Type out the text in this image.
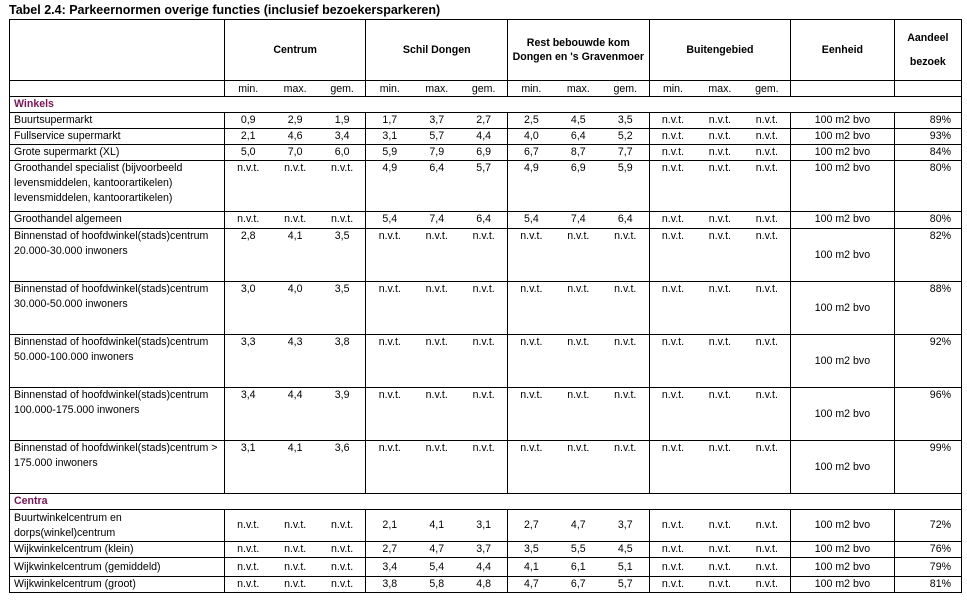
Tabel 2.4: Parkeernormen overige functies (inclusief bezoekersparkeren)
	Centrum			Schil Dongen			Rest bebouwde kom Dongen en 's Gravenmoer			Buitengebied			Eenheid	Aandeel
bezoek
	min.	max.	gem.	min.	max.	gem.	min.	max.	gem.	min.	max.	gem.		
Winkels														
Buurtsupermarkt	0,9	2,9	1,9	1,7	3,7	2,7	2,5	4,5	3,5	n.v.t.	n.v.t.	n.v.t.	100 m2 bvo	89%
Fullservice supermarkt	2,1	4,6	3,4	3,1	5,7	4,4	4,0	6,4	5,2	n.v.t.	n.v.t.	n.v.t.	100 m2 bvo	93%
Grote supermarkt (XL)	5,0	7,0	6,0	5,9	7,9	6,9	6,7	8,7	7,7	n.v.t.	n.v.t.	n.v.t.	100 m2 bvo	84%
Groothandel specialist (bijvoorbeeld levensmiddelen, kantoorartikelen) levensmiddelen, kantoorartikelen)	n.v.t.	n.v.t.	n.v.t.	4,9	6,4	5,7	4,9	6,9	5,9	n.v.t.	n.v.t.	n.v.t.	100 m2 bvo	80%
Groothandel algemeen	n.v.t.	n.v.t.	n.v.t.	5,4	7,4	6,4	5,4	7,4	6,4	n.v.t.	n.v.t.	n.v.t.	100 m2 bvo	80%
Binnenstad of hoofdwinkel(stads)centrum 20.000-30.000 inwoners	2,8	4,1	3,5	n.v.t.	n.v.t.	n.v.t.	n.v.t.	n.v.t.	n.v.t.	n.v.t.	n.v.t.	n.v.t.	100 m2 bvo	82%
Binnenstad of hoofdwinkel(stads)centrum 30.000-50.000 inwoners	3,0	4,0	3,5	n.v.t.	n.v.t.	n.v.t.	n.v.t.	n.v.t.	n.v.t.	n.v.t.	n.v.t.	n.v.t.	100 m2 bvo	88%
Binnenstad of hoofdwinkel(stads)centrum 50.000-100.000 inwoners	3,3	4,3	3,8	n.v.t.	n.v.t.	n.v.t.	n.v.t.	n.v.t.	n.v.t.	n.v.t.	n.v.t.	n.v.t.	100 m2 bvo	92%
Binnenstad of hoofdwinkel(stads)centrum 100.000-175.000 inwoners	3,4	4,4	3,9	n.v.t.	n.v.t.	n.v.t.	n.v.t.	n.v.t.	n.v.t.	n.v.t.	n.v.t.	n.v.t.	100 m2 bvo	96%
Binnenstad of hoofdwinkel(stads)centrum > 175.000 inwoners	3,1	4,1	3,6	n.v.t.	n.v.t.	n.v.t.	n.v.t.	n.v.t.	n.v.t.	n.v.t.	n.v.t.	n.v.t.	100 m2 bvo	99%
Centra														
Buurtwinkelcentrum en dorps(winkel)centrum	n.v.t.	n.v.t.	n.v.t.	2,1	4,1	3,1	2,7	4,7	3,7	n.v.t.	n.v.t.	n.v.t.	100 m2 bvo	72%
Wijkwinkelcentrum (klein)	n.v.t.	n.v.t.	n.v.t.	2,7	4,7	3,7	3,5	5,5	4,5	n.v.t.	n.v.t.	n.v.t.	100 m2 bvo	76%
Wijkwinkelcentrum (gemiddeld)	n.v.t.	n.v.t.	n.v.t.	3,4	5,4	4,4	4,1	6,1	5,1	n.v.t.	n.v.t.	n.v.t.	100 m2 bvo	79%
Wijkwinkelcentrum (groot)	n.v.t.	n.v.t.	n.v.t.	3,8	5,8	4,8	4,7	6,7	5,7	n.v.t.	n.v.t.	n.v.t.	100 m2 bvo	81%
